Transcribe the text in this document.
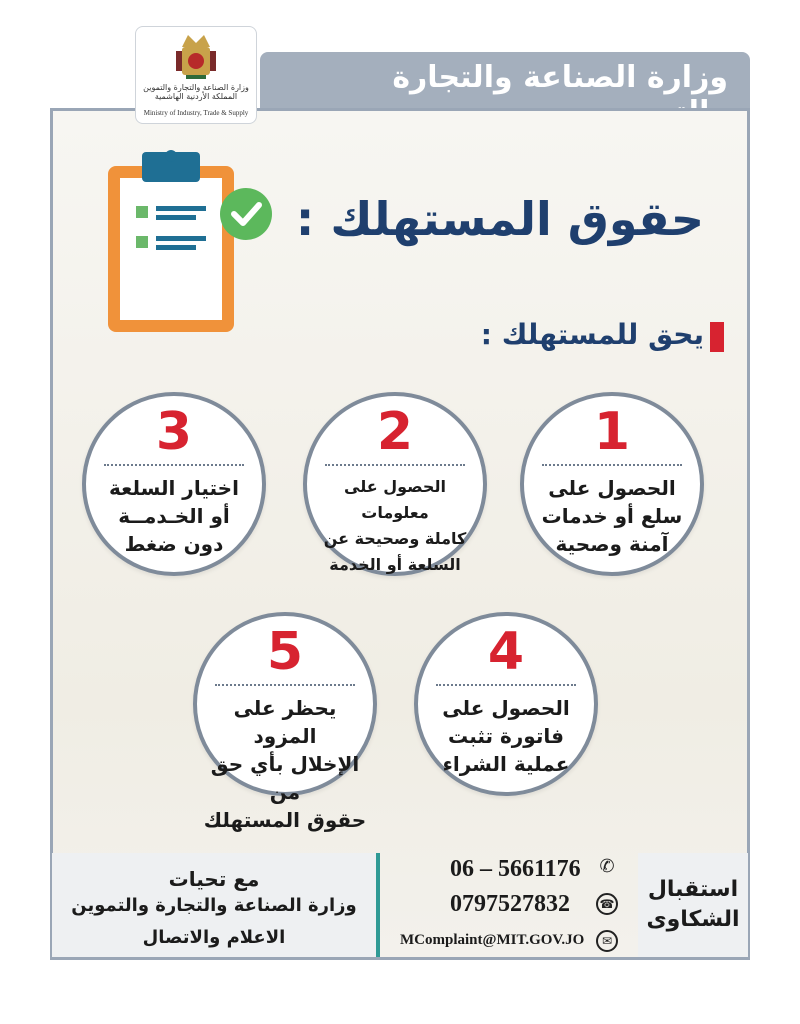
وزارة الصناعة والتجارة
وزارة الصناعة والتجارة والتموين المملكة الأردنية الهاشمية
Ministry of Industry, Trade & Supply
حقوق المستهلك :
يحق للمستهلك :
1
الحصول على
سلع أو خدمات
آمنة وصحية
2
الحصول على معلومات
كاملة وصحيحة عن
السلعة أو الخدمة
3
اختيار السلعة
أو الخـدمــة
دون ضغط
4
الحصول على
فاتورة تثبت
عملية الشراء
5
يحظر على المزود
الإخلال بأي حق من
حقوق المستهلك
مع تحيات
وزارة الصناعة والتجارة والتموين
الاعلام والاتصال
06 – 5661176 ✆
0797527832 ☎
MComplaint@MIT.GOV.JO	✉
استقبال
الشكاوى
